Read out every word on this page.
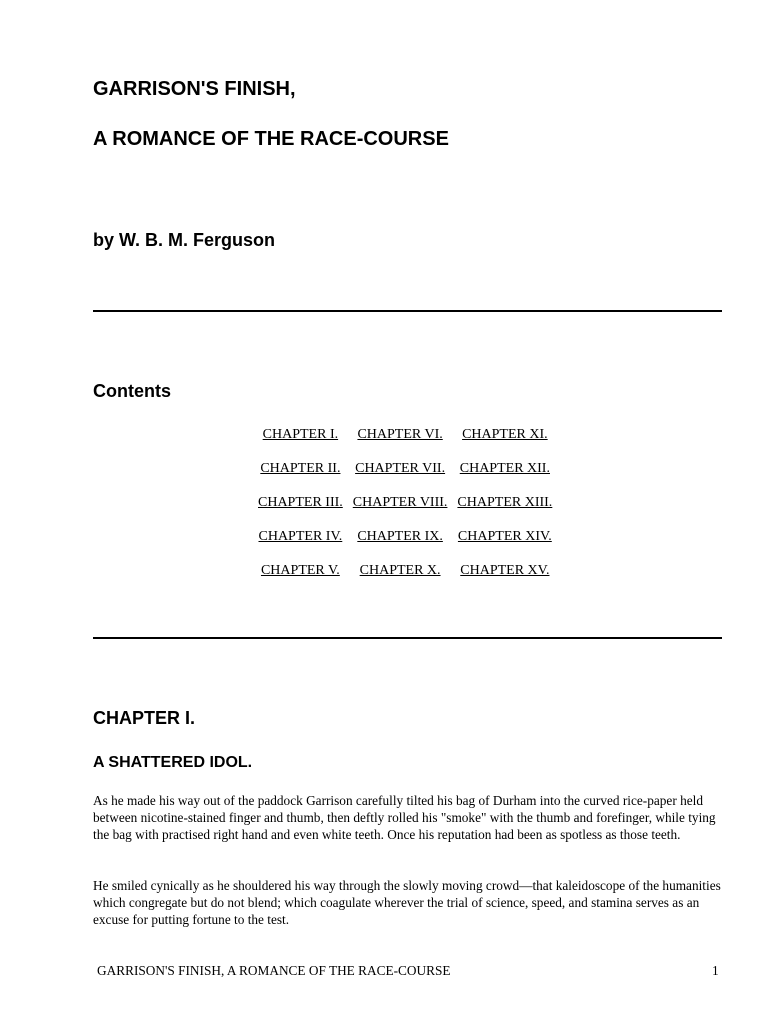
GARRISON'S FINISH,
A ROMANCE OF THE RACE-COURSE
by W. B. M. Ferguson
Contents
CHAPTER I.	CHAPTER VI.	CHAPTER XI.
CHAPTER II.	CHAPTER VII.	CHAPTER XII.
CHAPTER III.	CHAPTER VIII.	CHAPTER XIII.
CHAPTER IV.	CHAPTER IX.	CHAPTER XIV.
CHAPTER V.	CHAPTER X.	CHAPTER XV.
CHAPTER I.
A SHATTERED IDOL.

As he made his way out of the paddock Garrison carefully tilted his bag of Durham into the curved rice-paper held between nicotine-stained finger and thumb, then deftly rolled his "smoke" with the thumb and forefinger, while tying the bag with practised right hand and even white teeth. Once his reputation had been as spotless as those teeth.

He smiled cynically as he shouldered his way through the slowly moving crowd—that kaleidoscope of the humanities which congregate but do not blend; which coagulate wherever the trial of science, speed, and stamina serves as an excuse for putting fortune to the test.

GARRISON'S FINISH, A ROMANCE OF THE RACE-COURSE	1
